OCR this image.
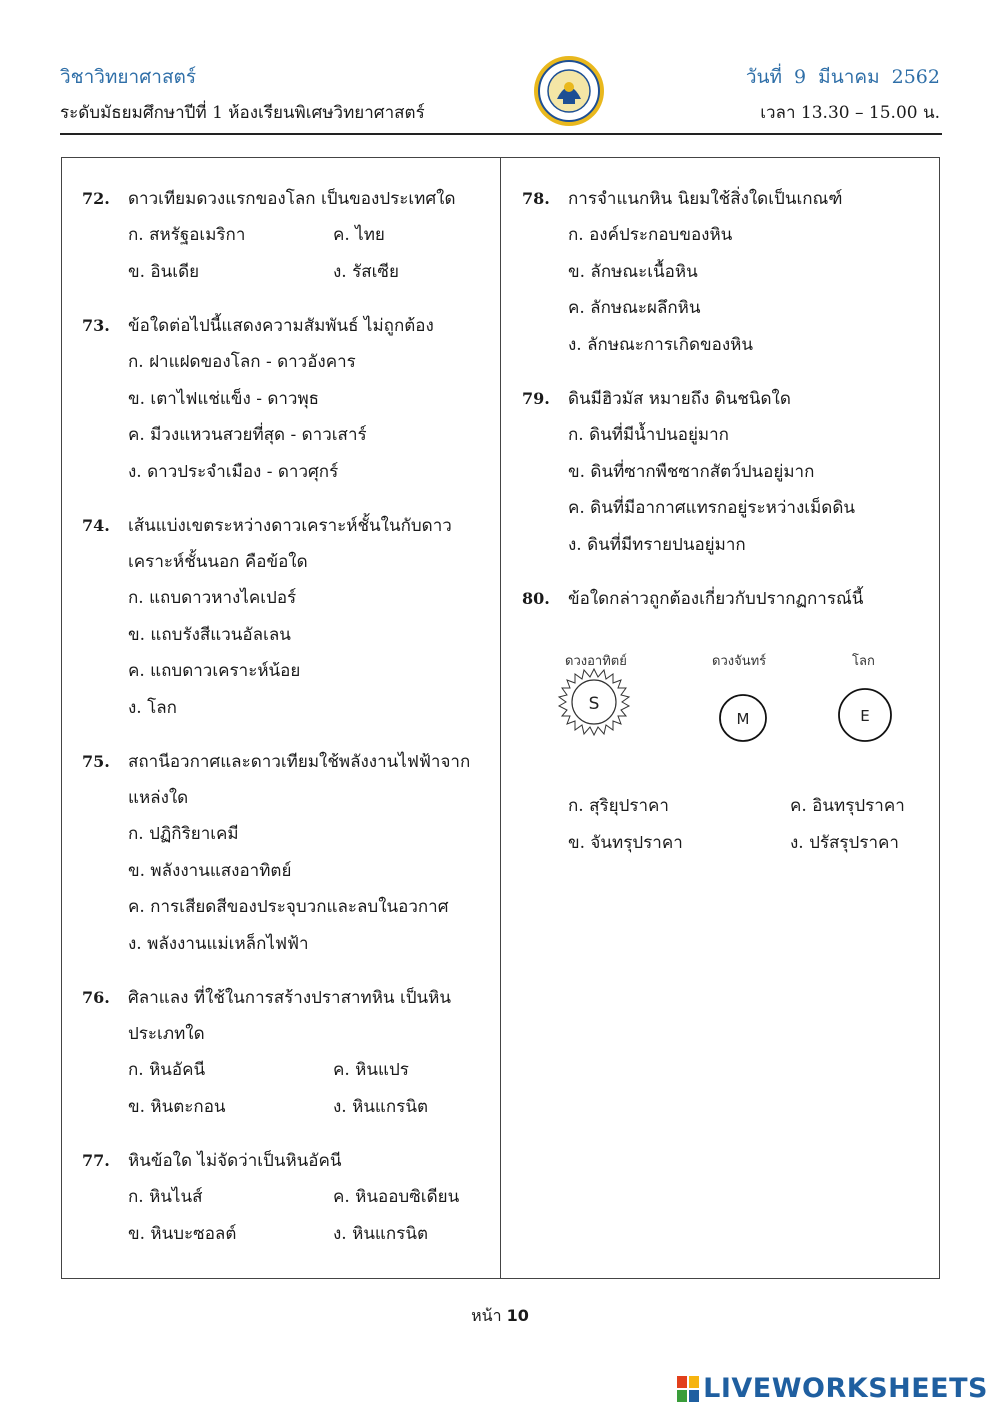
วิชาวิทยาศาสตร์
ระดับมัธยมศึกษาปีที่ 1 ห้องเรียนพิเศษวิทยาศาสตร์
วันที่ 9 มีนาคม 2562
เวลา 13.30 – 15.00 น.
72.	ดาวเทียมดวงแรกของโลก เป็นของประเทศใด
ก. สหรัฐอเมริกา	ค. ไทย
ข. อินเดีย	ง. รัสเซีย
73.	ข้อใดต่อไปนี้แสดงความสัมพันธ์ ไม่ถูกต้อง
ก. ฝาแฝดของโลก - ดาวอังคาร
ข. เตาไฟแช่แข็ง - ดาวพุธ
ค. มีวงแหวนสวยที่สุด - ดาวเสาร์
ง. ดาวประจำเมือง - ดาวศุกร์
74.	เส้นแบ่งเขตระหว่างดาวเคราะห์ชั้นในกับดาวเคราะห์ชั้นนอก คือข้อใด
ก. แถบดาวหางไคเปอร์
ข. แถบรังสีแวนอัลเลน
ค. แถบดาวเคราะห์น้อย
ง. โลก
75.	สถานีอวกาศและดาวเทียมใช้พลังงานไฟฟ้าจากแหล่งใด
ก. ปฏิกิริยาเคมี
ข. พลังงานแสงอาทิตย์
ค. การเสียดสีของประจุบวกและลบในอวกาศ
ง. พลังงานแม่เหล็กไฟฟ้า
76.	ศิลาแลง ที่ใช้ในการสร้างปราสาทหิน เป็นหินประเภทใด
ก. หินอัคนี	ค. หินแปร
ข. หินตะกอน	ง. หินแกรนิต
77.	หินข้อใด ไม่จัดว่าเป็นหินอัคนี
ก. หินไนส์	ค. หินออบซิเดียน
ข. หินบะซอลต์	ง. หินแกรนิต
78.	การจำแนกหิน นิยมใช้สิ่งใดเป็นเกณฑ์
ก. องค์ประกอบของหิน
ข. ลักษณะเนื้อหิน
ค. ลักษณะผลึกหิน
ง. ลักษณะการเกิดของหิน
79.	ดินมีฮิวมัส หมายถึง ดินชนิดใด
ก. ดินที่มีน้ำปนอยู่มาก
ข. ดินที่ซากพืชซากสัตว์ปนอยู่มาก
ค. ดินที่มีอากาศแทรกอยู่ระหว่างเม็ดดิน
ง. ดินที่มีทรายปนอยู่มาก
80.	ข้อใดกล่าวถูกต้องเกี่ยวกับปรากฏการณ์นี้
ดวงอาทิตย์	ดวงจันทร์	โลก
S
M	E
ก. สุริยุปราคา	ค. อินทรุปราคา
ข. จันทรุปราคา	ง. ปรัสรุปราคา
หน้า 10
LIVEWORKSHEETS
